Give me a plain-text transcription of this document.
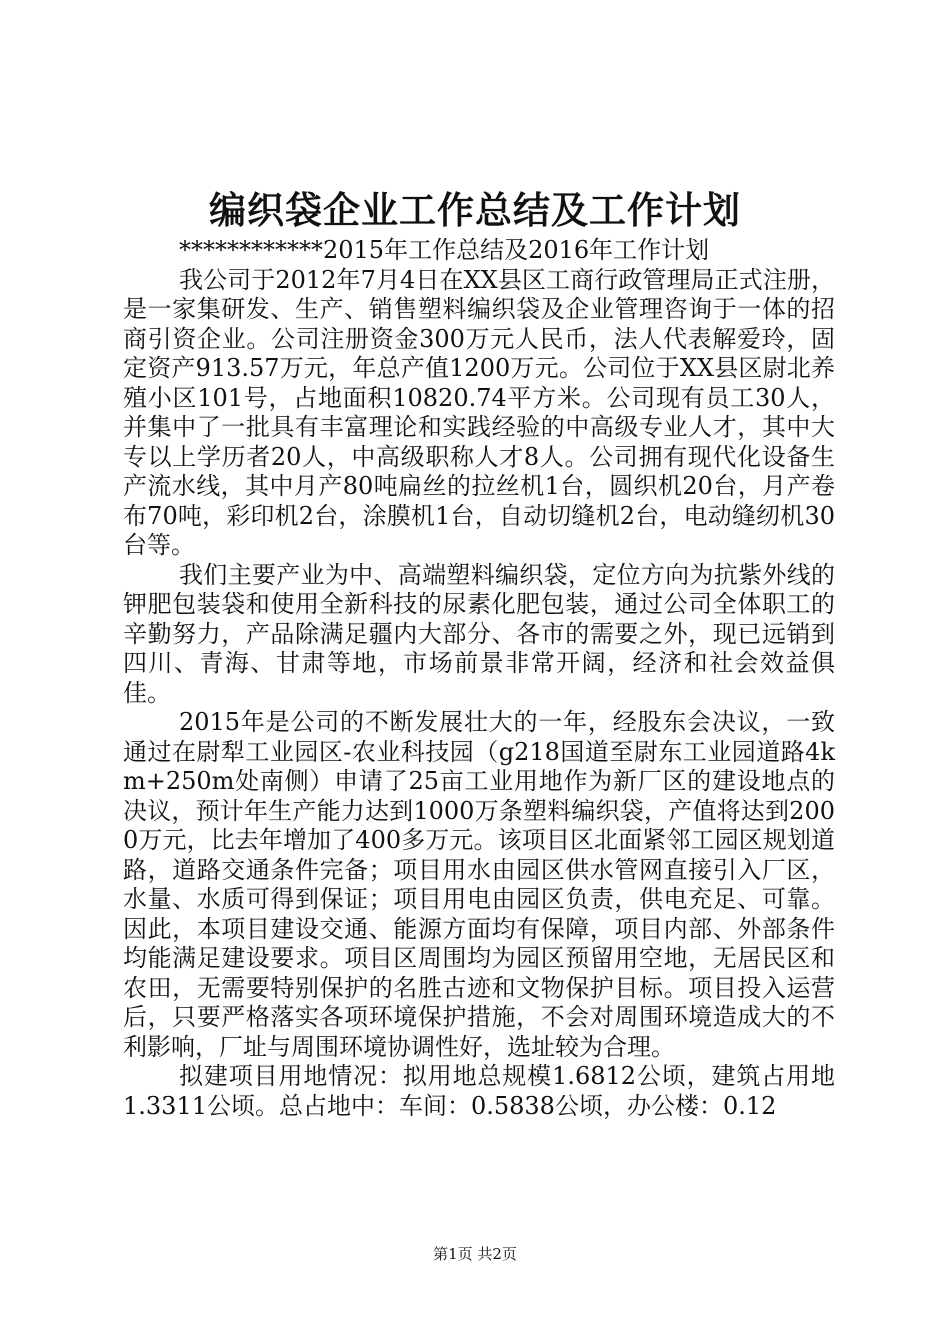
编织袋企业工作总结及工作计划

************2015年工作总结及2016年工作计划

我公司于2012年7月4日在XX县区工商行政管理局正式注册，是一家集研发、生产、销售塑料编织袋及企业管理咨询于一体的招商引资企业。公司注册资金300万元人民币，法人代表解爱玲，固定资产913.57万元，年总产值1200万元。公司位于XX县区尉北养殖小区101号，占地面积10820.74平方米。公司现有员工30人，并集中了一批具有丰富理论和实践经验的中高级专业人才，其中大专以上学历者20人，中高级职称人才8人。公司拥有现代化设备生产流水线，其中月产80吨扁丝的拉丝机1台，圆织机20台，月产卷布70吨，彩印机2台，涂膜机1台，自动切缝机2台，电动缝纫机30台等。

我们主要产业为中、高端塑料编织袋，定位方向为抗紫外线的钾肥包装袋和使用全新科技的尿素化肥包装，通过公司全体职工的辛勤努力，产品除满足疆内大部分、各市的需要之外，现已远销到四川、青海、甘肃等地，市场前景非常开阔，经济和社会效益俱佳。

2015年是公司的不断发展壮大的一年，经股东会决议，一致通过在尉犁工业园区-农业科技园（g218国道至尉东工业园道路4km+250m处南侧）申请了25亩工业用地作为新厂区的建设地点的决议，预计年生产能力达到1000万条塑料编织袋，产值将达到2000万元，比去年增加了400多万元。该项目区北面紧邻工园区规划道路，道路交通条件完备；项目用水由园区供水管网直接引入厂区，水量、水质可得到保证；项目用电由园区负责，供电充足、可靠。因此，本项目建设交通、能源方面均有保障，项目内部、外部条件均能满足建设要求。项目区周围均为园区预留用空地，无居民区和农田，无需要特别保护的名胜古迹和文物保护目标。项目投入运营后，只要严格落实各项环境保护措施，不会对周围环境造成大的不利影响，厂址与周围环境协调性好，选址较为合理。

拟建项目用地情况：拟用地总规模1.6812公顷，建筑占用地1.3311公顷。总占地中：车间：0.5838公顷，办公楼：0.12

第1页 共2页
